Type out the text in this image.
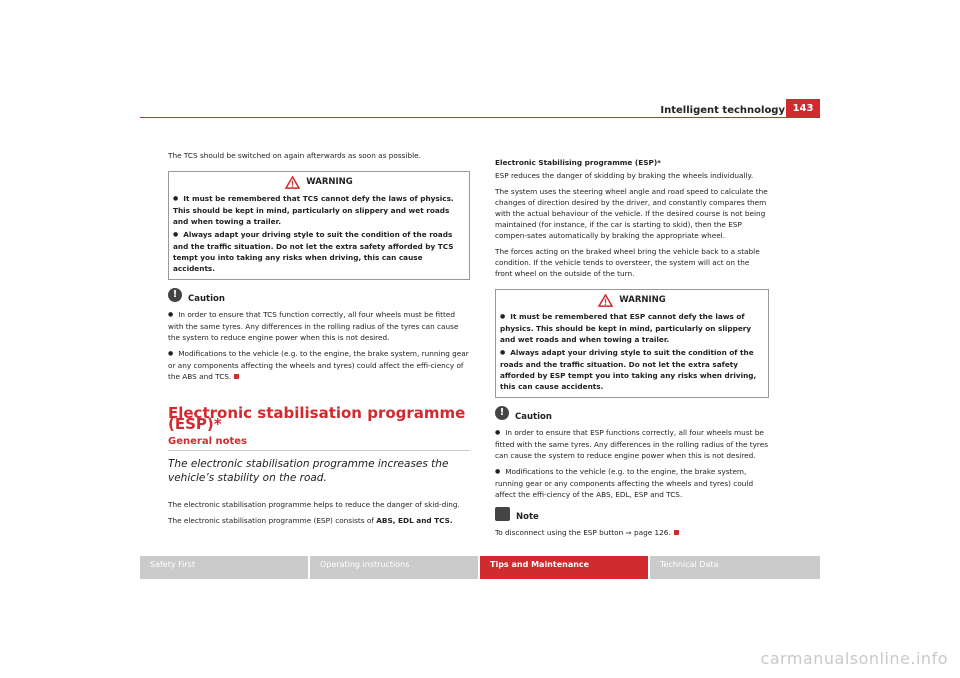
Intelligent technology 143

The TCS should be switched on again afterwards as soon as possible.

WARNING

● It must be remembered that TCS cannot defy the laws of physics. This should be kept in mind, particularly on slippery and wet roads and when towing a trailer.

● Always adapt your driving style to suit the condition of the roads and the traffic situation. Do not let the extra safety afforded by TCS tempt you into taking any risks when driving, this can cause accidents.

!	Caution

● In order to ensure that TCS function correctly, all four wheels must be fitted with the same tyres. Any differences in the rolling radius of the tyres can cause the system to reduce engine power when this is not desired.

● Modifications to the vehicle (e.g. to the engine, the brake system, running gear or any components affecting the wheels and tyres) could affect the effi-ciency of the ABS and TCS.

Electronic stabilisation programme (ESP)*
General notes
The electronic stabilisation programme increases the vehicle’s stability on the road.

The electronic stabilisation programme helps to reduce the danger of skid-ding.

The electronic stabilisation programme (ESP) consists of ABS, EDL and TCS.

Electronic Stabilising programme (ESP)*

ESP reduces the danger of skidding by braking the wheels individually.

The system uses the steering wheel angle and road speed to calculate the changes of direction desired by the driver, and constantly compares them with the actual behaviour of the vehicle. If the desired course is not being maintained (for instance, if the car is starting to skid), then the ESP compen-sates automatically by braking the appropriate wheel.

The forces acting on the braked wheel bring the vehicle back to a stable condition. If the vehicle tends to oversteer, the system will act on the front wheel on the outside of the turn.

WARNING

● It must be remembered that ESP cannot defy the laws of physics. This should be kept in mind, particularly on slippery and wet roads and when towing a trailer.

● Always adapt your driving style to suit the condition of the roads and the traffic situation. Do not let the extra safety afforded by ESP tempt you into taking any risks when driving, this can cause accidents.

!	Caution

● In order to ensure that ESP functions correctly, all four wheels must be fitted with the same tyres. Any differences in the rolling radius of the tyres can cause the system to reduce engine power when this is not desired.

● Modifications to the vehicle (e.g. to the engine, the brake system, running gear or any components affecting the wheels and tyres) could affect the effi-ciency of the ABS, EDL, ESP and TCS.

Note

To disconnect using the ESP button ⇒ page 126.

Safety First	Operating instructions	Tips and Maintenance	Technical Data
carmanualsonline.info
